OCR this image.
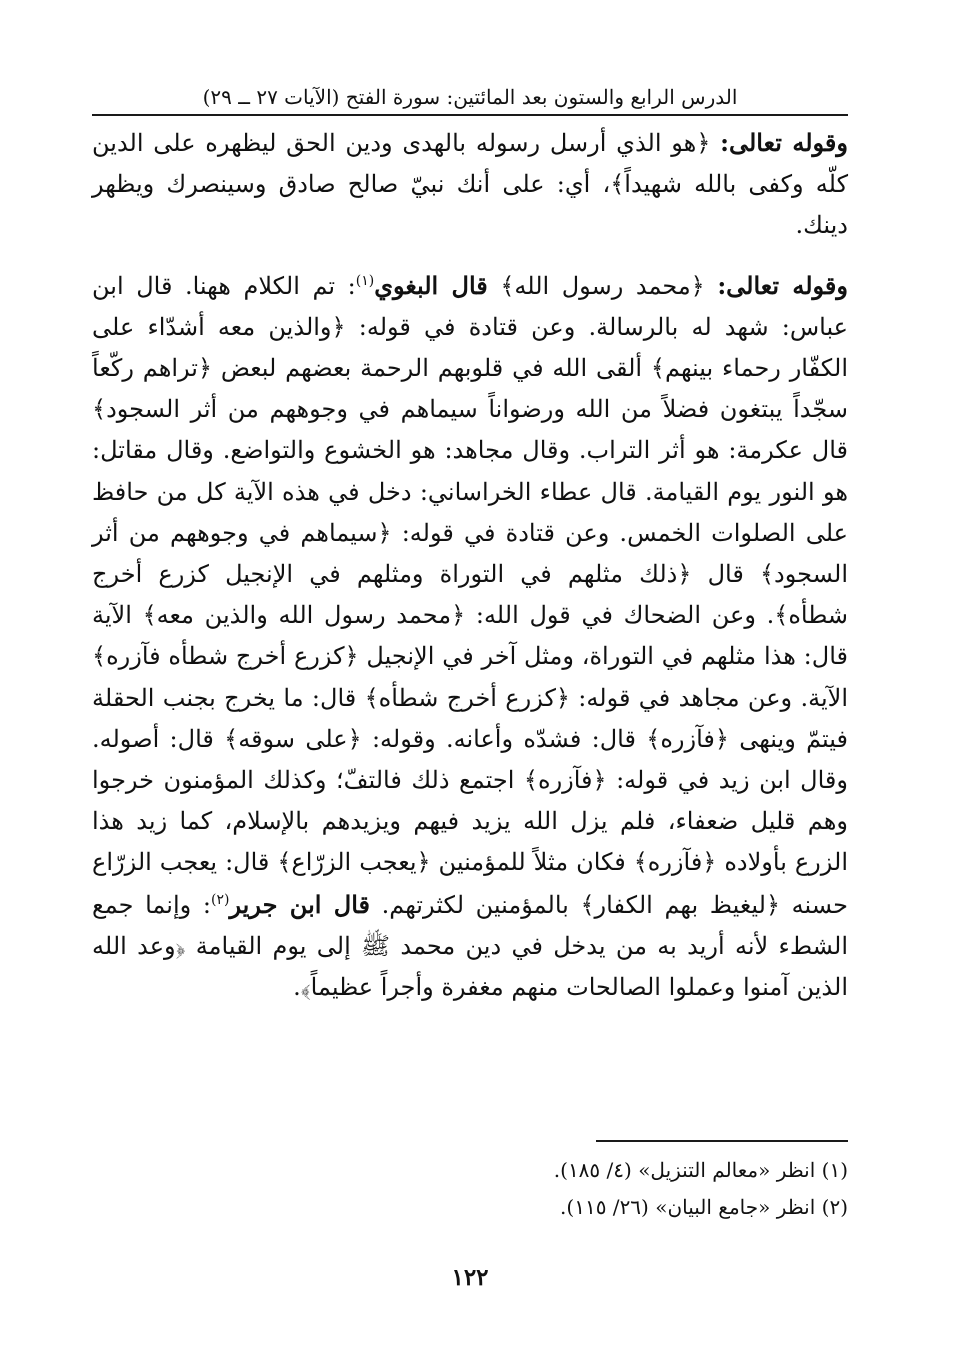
الدرس الرابع والستون بعد المائتين: سورة الفتح (الآيات ٢٧ ــ ٢٩)

وقوله تعالى: ﴿هو الذي أرسل رسوله بالهدى ودين الحق ليظهره على الدين كلّه وكفى بالله شهيداً﴾، أي: على أنك نبيّ صالح صادق وسينصرك ويظهر دينك.

وقوله تعالى: ﴿محمد رسول الله﴾ قال البغوي$^{(١)}$: تم الكلام ههنا. قال ابن عباس: شهد له بالرسالة. وعن قتادة في قوله: ﴿والذين معه أشدّاء على الكفّار رحماء بينهم﴾ ألقى الله في قلوبهم الرحمة بعضهم لبعض ﴿تراهم ركّعاً سجّداً يبتغون فضلاً من الله ورضواناً سيماهم في وجوههم من أثر السجود﴾ قال عكرمة: هو أثر التراب. وقال مجاهد: هو الخشوع والتواضع. وقال مقاتل: هو النور يوم القيامة. قال عطاء الخراساني: دخل في هذه الآية كل من حافظ على الصلوات الخمس. وعن قتادة في قوله: ﴿سيماهم في وجوههم من أثر السجود﴾ قال ﴿ذلك مثلهم في التوراة ومثلهم في الإنجيل كزرع أخرج شطأه﴾. وعن الضحاك في قول الله: ﴿محمد رسول الله والذين معه﴾ الآية قال: هذا مثلهم في التوراة، ومثل آخر في الإنجيل ﴿كزرع أخرج شطأه فآزره﴾ الآية. وعن مجاهد في قوله: ﴿كزرع أخرج شطأه﴾ قال: ما يخرج بجنب الحقلة فيتمّ وينهى ﴿فآزره﴾ قال: فشدّه وأعانه. وقوله: ﴿على سوقه﴾ قال: أصوله. وقال ابن زيد في قوله: ﴿فآزره﴾ اجتمع ذلك فالتفّ؛ وكذلك المؤمنون خرجوا وهم قليل ضعفاء، فلم يزل الله يزيد فيهم ويزيدهم بالإسلام، كما زيد هذا الزرع بأولاده ﴿فآزره﴾ فكان مثلاً للمؤمنين ﴿يعجب الزرّاع﴾ قال: يعجب الزرّاع حسنه ﴿ليغيظ بهم الكفار﴾ بالمؤمنين لكثرتهم. قال ابن جرير$^{(٢)}$: وإنما جمع الشطء لأنه أريد به من يدخل في دين محمد ﷺ إلى يوم القيامة ﴿وعد الله الذين آمنوا وعملوا الصالحات منهم مغفرة وأجراً عظيماً﴾.

(١) انظر «معالم التنزيل» (٤/ ١٨٥).
(٢) انظر «جامع البيان» (٢٦/ ١١٥).
١٢٢
